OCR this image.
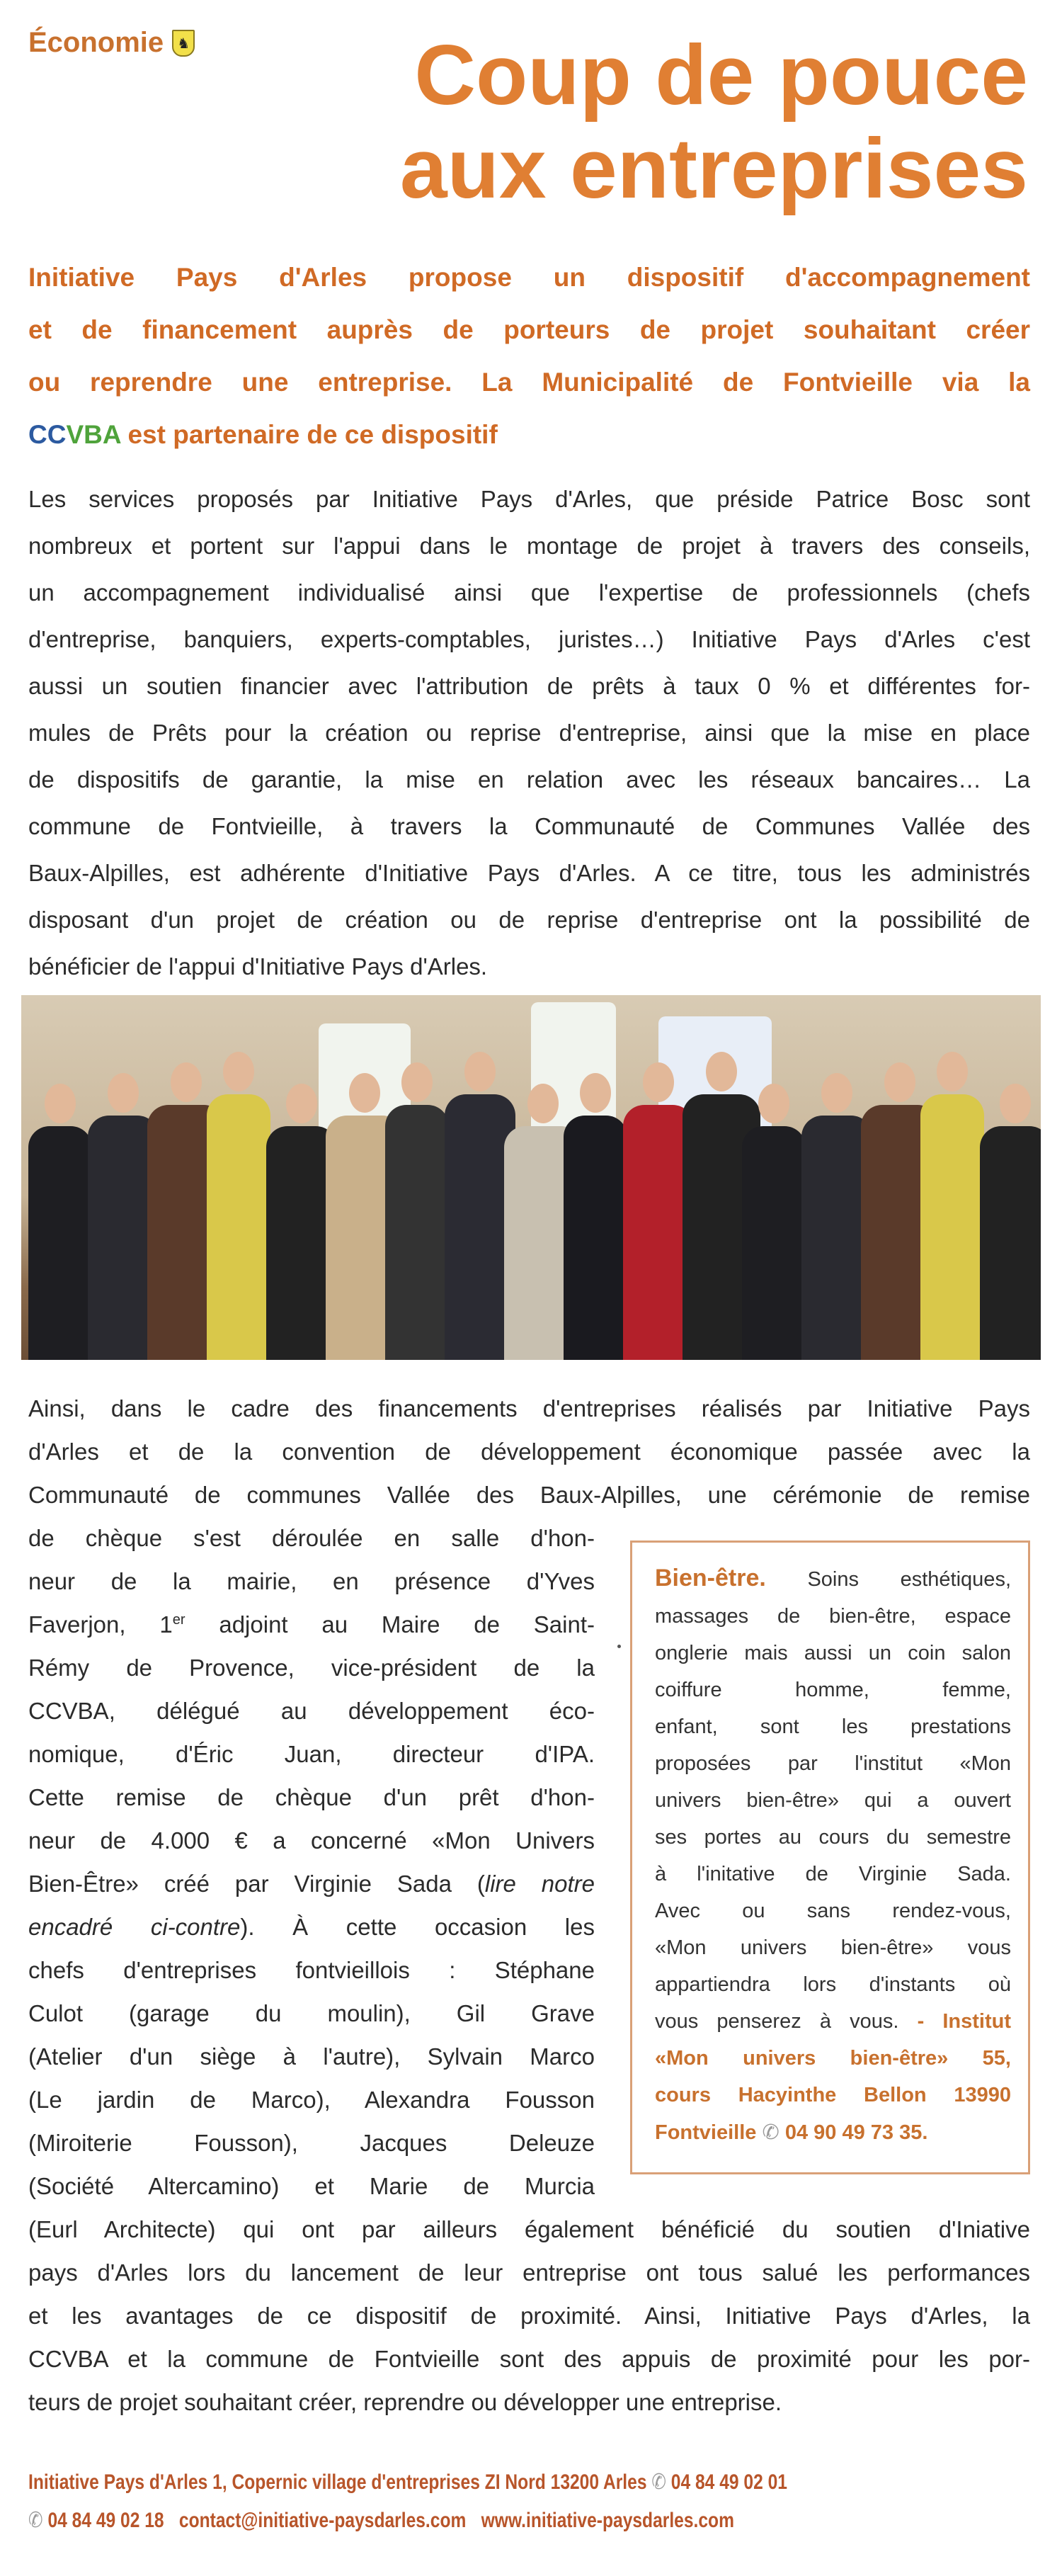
Économie ♞	Coup de pouce
aux entreprises
Initiative Pays d'Arles propose un dispositif d'accompagnement
et de financement auprès de porteurs de projet souhaitant créer
ou reprendre une entreprise. La Municipalité de Fontvieille via la
CCVBA est partenaire de ce dispositif
Les services proposés par Initiative Pays d'Arles, que préside Patrice Bosc sont
nombreux et portent sur l'appui dans le montage de projet à travers des conseils,
un accompagnement individualisé ainsi que l'expertise de professionnels (chefs
d'entreprise, banquiers, experts-comptables, juristes…) Initiative Pays d'Arles c'est
aussi un soutien financier avec l'attribution de prêts à taux 0 % et différentes for-
mules de Prêts pour la création ou reprise d'entreprise, ainsi que la mise en place
de dispositifs de garantie, la mise en relation avec les réseaux bancaires… La
commune de Fontvieille, à travers la Communauté de Communes Vallée des
Baux-Alpilles, est adhérente d'Initiative Pays d'Arles. A ce titre, tous les administrés
disposant d'un projet de création ou de reprise d'entreprise ont la possibilité de
bénéficier de l'appui d'Initiative Pays d'Arles.
Ainsi, dans le cadre des financements d'entreprises réalisés par Initiative Pays
d'Arles et de la convention de développement économique passée avec la
Communauté de communes Vallée des Baux-Alpilles, une cérémonie de remise
de chèque s'est déroulée en salle d'hon-
neur de la mairie, en présence d'Yves
Faverjon, 1er adjoint au Maire de Saint-
Rémy de Provence, vice-président de la
CCVBA, délégué au développement éco-
nomique, d'Éric Juan, directeur d'IPA.
Cette remise de chèque d'un prêt d'hon-
neur de 4.000 € a concerné «Mon Univers
Bien-Être» créé par Virginie Sada (lire notre
encadré ci-contre). À cette occasion les
chefs d'entreprises fontvieillois : Stéphane
Culot (garage du moulin), Gil Grave
(Atelier d'un siège à l'autre), Sylvain Marco
(Le jardin de Marco), Alexandra Fousson
(Miroiterie Fousson), Jacques Deleuze
(Société Altercamino) et Marie de Murcia
(Eurl Architecte) qui ont par ailleurs également bénéficié du soutien d'Iniative
pays d'Arles lors du lancement de leur entreprise ont tous salué les performances
et les avantages de ce dispositif de proximité. Ainsi, Initiative Pays d'Arles, la
CCVBA et la commune de Fontvieille sont des appuis de proximité pour les por-
teurs de projet souhaitant créer, reprendre ou développer une entreprise.
Bien-être. Soins esthétiques,
massages de bien-être, espace
onglerie mais aussi un coin salon
coiffure homme, femme,
enfant, sont les prestations
proposées par l'institut «Mon
univers bien-être» qui a ouvert
ses portes au cours du semestre
à l'initative de Virginie Sada.
Avec ou sans rendez-vous,
«Mon univers bien-être» vous
appartiendra lors d'instants où
vous penserez à vous. - Institut
«Mon univers bien-être» 55,
cours Hacyinthe Bellon 13990
Fontvieille ✆ 04 90 49 73 35.
Initiative Pays d'Arles 1, Copernic village d'entreprises ZI Nord 13200 Arles ✆ 04 84 49 02 01
✆ 04 84 49 02 18 contact@initiative-paysdarles.com www.initiative-paysdarles.com
